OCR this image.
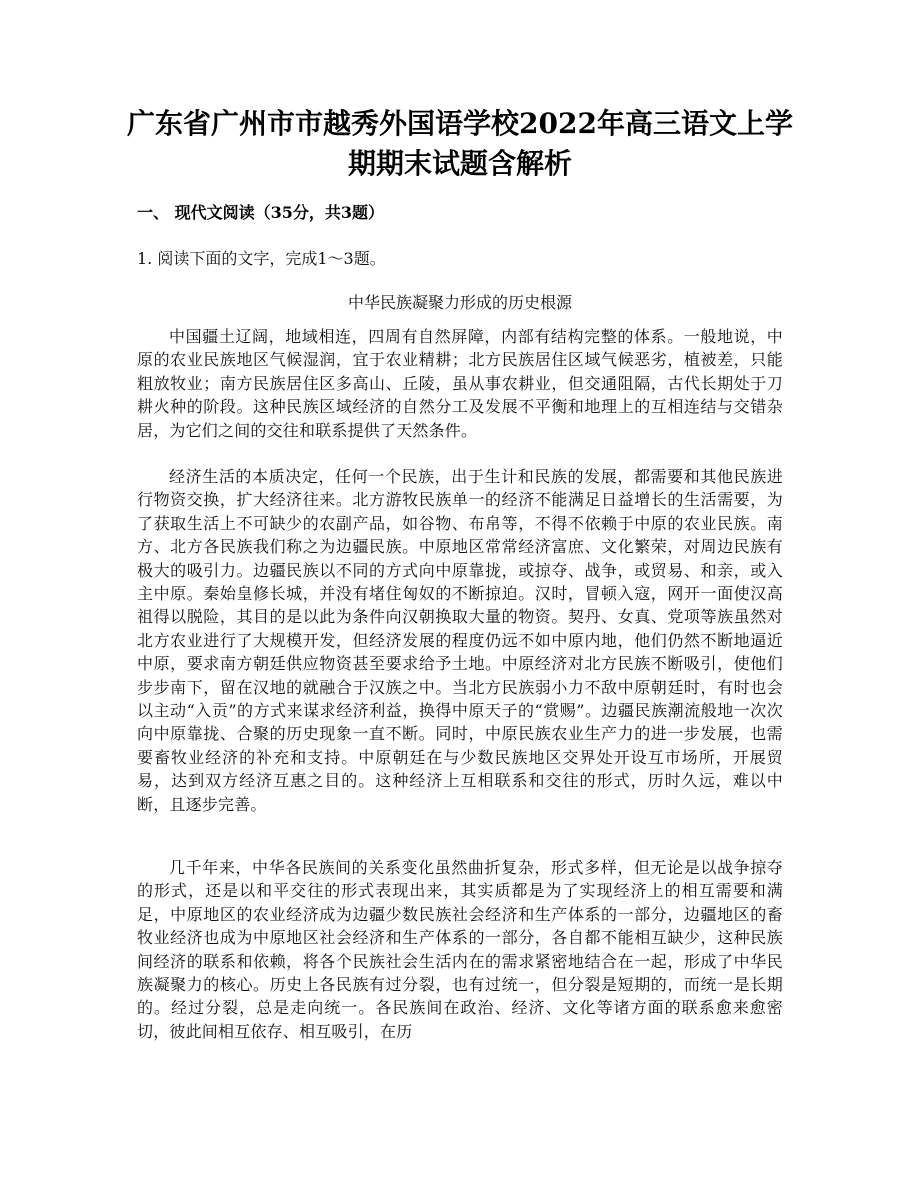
广东省广州市市越秀外国语学校2022年高三语文上学期期末试题含解析
一、 现代文阅读（35分，共3题）
1. 阅读下面的文字，完成1～3题。
中华民族凝聚力形成的历史根源

中国疆土辽阔，地域相连，四周有自然屏障，内部有结构完整的体系。一般地说，中原的农业民族地区气候湿润，宜于农业精耕；北方民族居住区域气候恶劣，植被差，只能粗放牧业；南方民族居住区多高山、丘陵，虽从事农耕业，但交通阻隔，古代长期处于刀耕火种的阶段。这种民族区域经济的自然分工及发展不平衡和地理上的互相连结与交错杂居，为它们之间的交往和联系提供了天然条件。

经济生活的本质决定，任何一个民族，出于生计和民族的发展，都需要和其他民族进行物资交换，扩大经济往来。北方游牧民族单一的经济不能满足日益增长的生活需要，为了获取生活上不可缺少的农副产品，如谷物、布帛等，不得不依赖于中原的农业民族。南方、北方各民族我们称之为边疆民族。中原地区常常经济富庶、文化繁荣，对周边民族有极大的吸引力。边疆民族以不同的方式向中原靠拢，或掠夺、战争，或贸易、和亲，或入主中原。秦始皇修长城，并没有堵住匈奴的不断掠迫。汉时，冒顿入寇，网开一面使汉高祖得以脱险，其目的是以此为条件向汉朝换取大量的物资。契丹、女真、党项等族虽然对北方农业进行了大规模开发，但经济发展的程度仍远不如中原内地，他们仍然不断地逼近中原，要求南方朝廷供应物资甚至要求给予土地。中原经济对北方民族不断吸引，使他们步步南下，留在汉地的就融合于汉族之中。当北方民族弱小力不敌中原朝廷时，有时也会以主动“入贡”的方式来谋求经济利益，换得中原天子的“赏赐”。边疆民族潮流般地一次次向中原靠拢、合聚的历史现象一直不断。同时，中原民族农业生产力的进一步发展，也需要畜牧业经济的补充和支持。中原朝廷在与少数民族地区交界处开设互市场所，开展贸易，达到双方经济互惠之目的。这种经济上互相联系和交往的形式，历时久远，难以中断，且逐步完善。

几千年来，中华各民族间的关系变化虽然曲折复杂，形式多样，但无论是以战争掠夺的形式，还是以和平交往的形式表现出来，其实质都是为了实现经济上的相互需要和满足，中原地区的农业经济成为边疆少数民族社会经济和生产体系的一部分，边疆地区的畜牧业经济也成为中原地区社会经济和生产体系的一部分，各自都不能相互缺少，这种民族间经济的联系和依赖，将各个民族社会生活内在的需求紧密地结合在一起，形成了中华民族凝聚力的核心。历史上各民族有过分裂，也有过统一，但分裂是短期的，而统一是长期的。经过分裂，总是走向统一。各民族间在政治、经济、文化等诸方面的联系愈来愈密切，彼此间相互依存、相互吸引，在历
